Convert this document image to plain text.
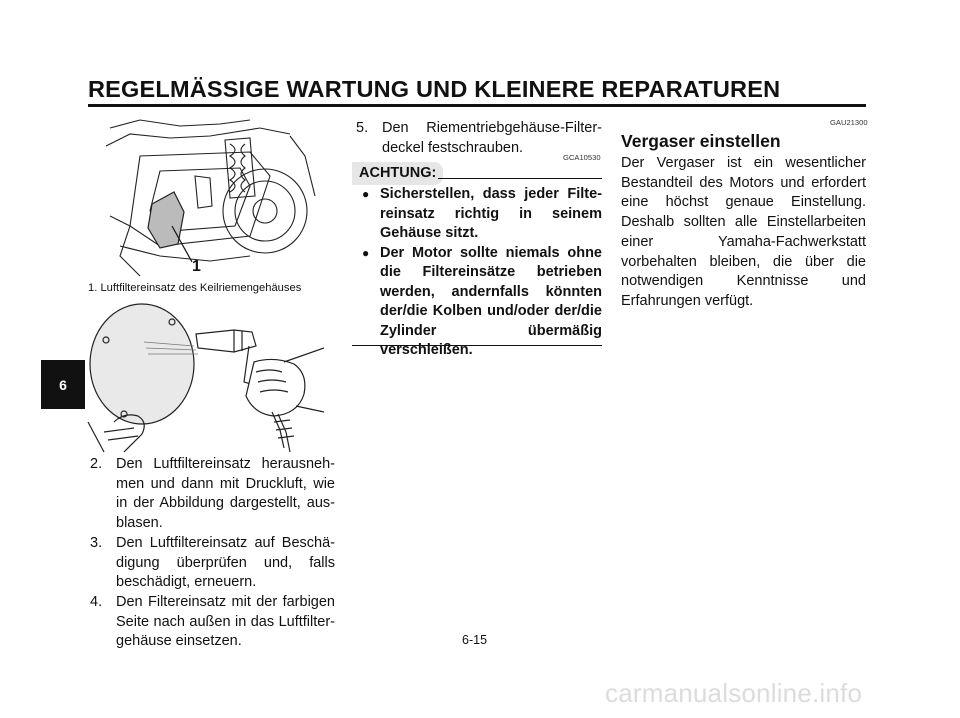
REGELMÄSSIGE WARTUNG UND KLEINERE REPARATUREN
6
1
1. Luftfiltereinsatz des Keilriemengehäuses
2. Den Luftfiltereinsatz herausnehmen und dann mit Druckluft, wie in der Abbildung dargestellt, ausblasen.
3. Den Luftfiltereinsatz auf Beschädigung überprüfen und, falls beschädigt, erneuern.
4. Den Filtereinsatz mit der farbigen Seite nach außen in das Luftfiltergehäuse einsetzen.
5. Den Riementriebgehäuse-Filterdeckel festschrauben.
GCA10530
ACHTUNG:
● Sicherstellen, dass jeder Filtereinsatz richtig in seinem Gehäuse sitzt.
● Der Motor sollte niemals ohne die Filtereinsätze betrieben werden, andernfalls könnten der/die Kolben und/oder der/die Zylinder übermäßig verschleißen.
GAU21300
Vergaser einstellen
Der Vergaser ist ein wesentlicher Bestandteil des Motors und erfordert eine höchst genaue Einstellung. Deshalb sollten alle Einstellarbeiten einer Yamaha-Fachwerkstatt vorbehalten bleiben, die über die notwendigen Kenntnisse und Erfahrungen verfügt.
6-15
carmanualsonline.info
